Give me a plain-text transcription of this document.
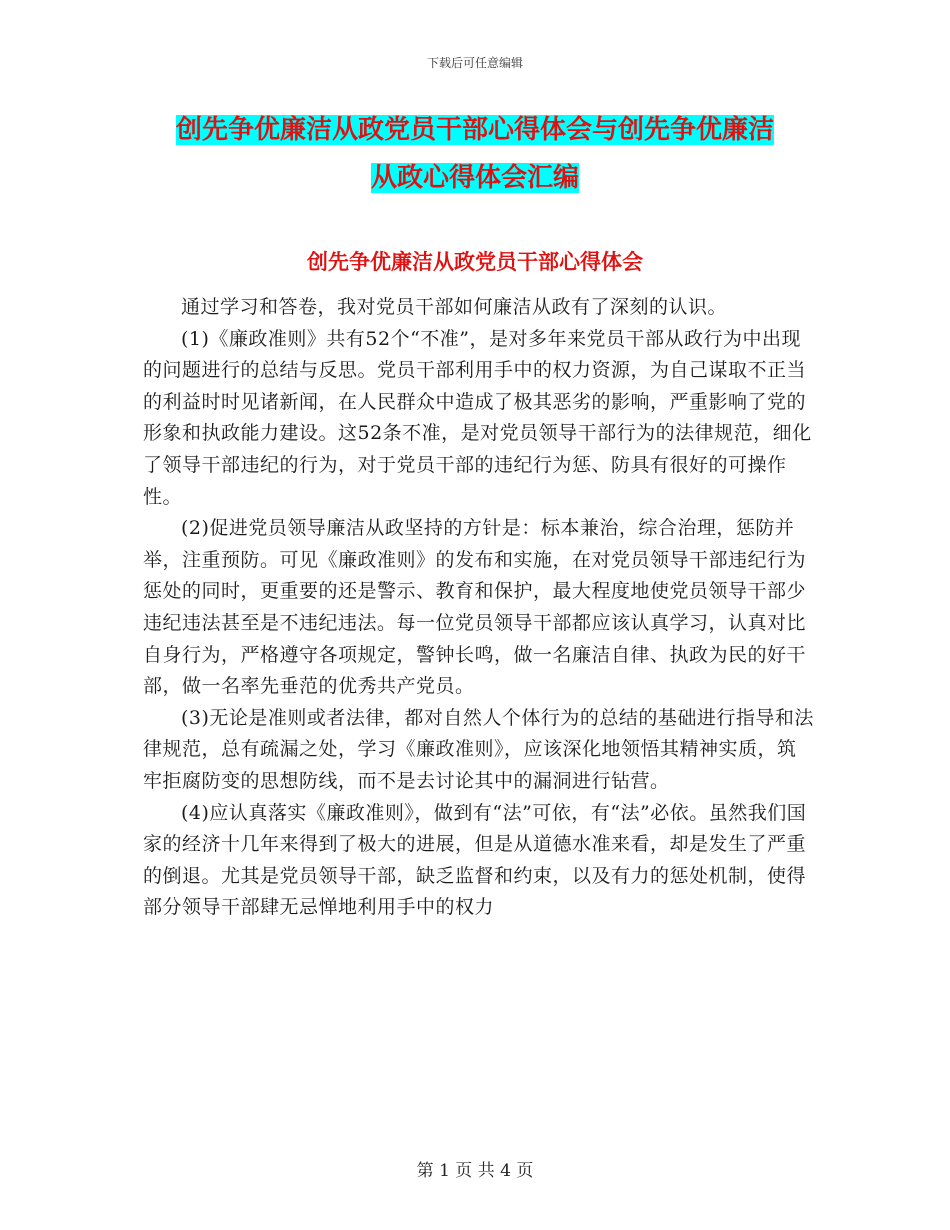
下载后可任意编辑
创先争优廉洁从政党员干部心得体会与创先争优廉洁
从政心得体会汇编
创先争优廉洁从政党员干部心得体会

通过学习和答卷，我对党员干部如何廉洁从政有了深刻的认识。

(1)《廉政准则》共有52个“不准”，是对多年来党员干部从政行为中出现的问题进行的总结与反思。党员干部利用手中的权力资源，为自己谋取不正当的利益时时见诸新闻，在人民群众中造成了极其恶劣的影响，严重影响了党的形象和执政能力建设。这52条不准，是对党员领导干部行为的法律规范，细化了领导干部违纪的行为，对于党员干部的违纪行为惩、防具有很好的可操作性。

(2)促进党员领导廉洁从政坚持的方针是：标本兼治，综合治理，惩防并举，注重预防。可见《廉政准则》的发布和实施，在对党员领导干部违纪行为惩处的同时，更重要的还是警示、教育和保护，最大程度地使党员领导干部少违纪违法甚至是不违纪违法。每一位党员领导干部都应该认真学习，认真对比自身行为，严格遵守各项规定，警钟长鸣，做一名廉洁自律、执政为民的好干部，做一名率先垂范的优秀共产党员。

(3)无论是准则或者法律，都对自然人个体行为的总结的基础进行指导和法律规范，总有疏漏之处，学习《廉政准则》，应该深化地领悟其精神实质，筑牢拒腐防变的思想防线，而不是去讨论其中的漏洞进行钻营。

(4)应认真落实《廉政准则》，做到有“法”可依，有“法”必依。虽然我们国家的经济十几年来得到了极大的进展，但是从道德水准来看，却是发生了严重的倒退。尤其是党员领导干部，缺乏监督和约束，以及有力的惩处机制，使得部分领导干部肆无忌惮地利用手中的权力

第 1 页 共 4 页
